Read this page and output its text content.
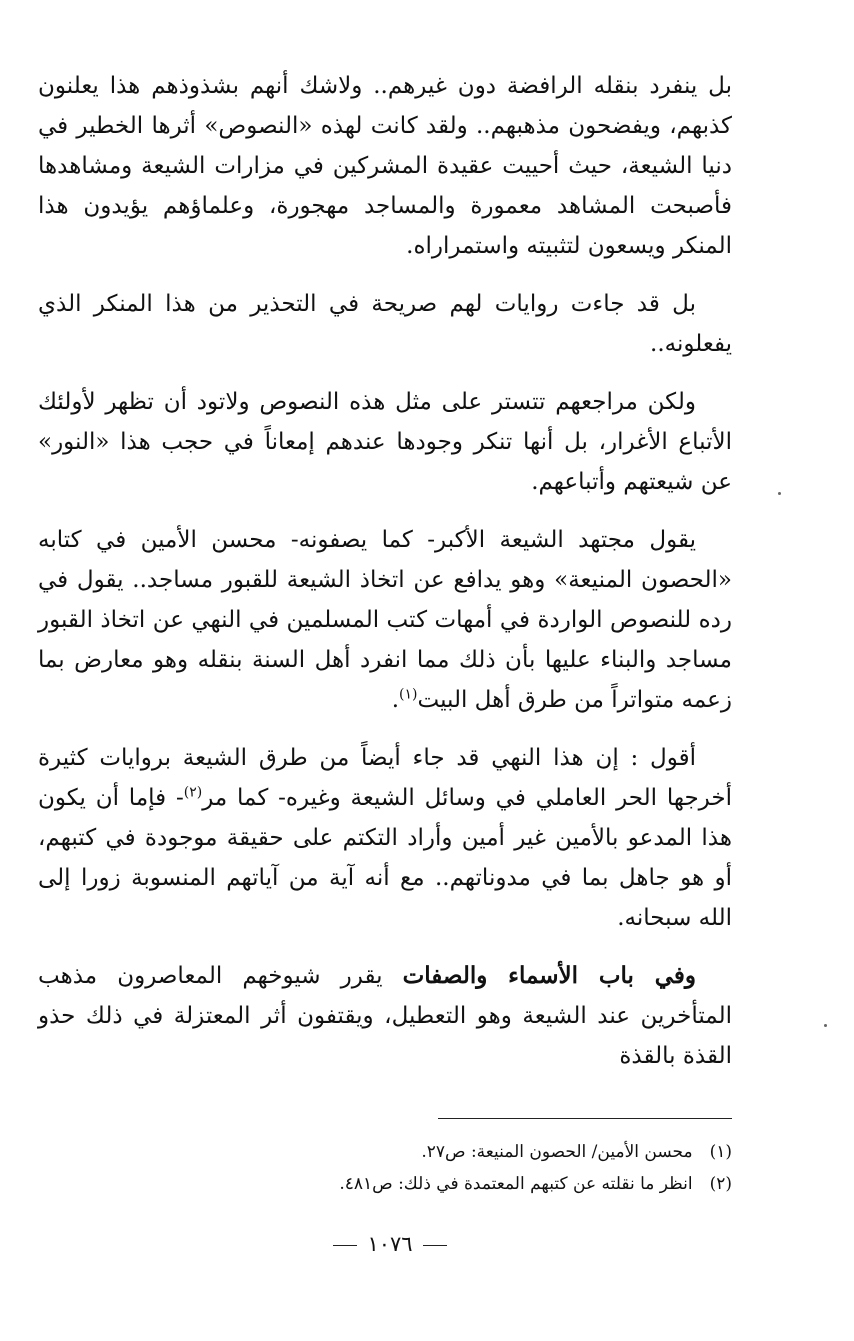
بل ينفرد بنقله الرافضة دون غيرهم.. ولاشك أنهم بشذوذهم هذا يعلنون كذبهم، ويفضحون مذهبهم.. ولقد كانت لهذه «النصوص» أثرها الخطير في دنيا الشيعة، حيث أحييت عقيدة المشركين في مزارات الشيعة ومشاهدها فأصبحت المشاهد معمورة والمساجد مهجورة، وعلماؤهم يؤيدون هذا المنكر ويسعون لتثبيته واستمراراه.

بل قد جاءت روايات لهم صريحة في التحذير من هذا المنكر الذي يفعلونه..

ولكن مراجعهم تتستر على مثل هذه النصوص ولاتود أن تظهر لأولئك الأتباع الأغرار، بل أنها تنكر وجودها عندهم إمعاناً في حجب هذا «النور» عن شيعتهم وأتباعهم.

يقول مجتهد الشيعة الأكبر- كما يصفونه- محسن الأمين في كتابه «الحصون المنيعة» وهو يدافع عن اتخاذ الشيعة للقبور مساجد.. يقول في رده للنصوص الواردة في أمهات كتب المسلمين في النهي عن اتخاذ القبور مساجد والبناء عليها بأن ذلك مما انفرد أهل السنة بنقله وهو معارض بما زعمه متواتراً من طرق أهل البيت$^{(١)}$.

أقول : إن هذا النهي قد جاء أيضاً من طرق الشيعة بروايات كثيرة أخرجها الحر العاملي في وسائل الشيعة وغيره- كما مر$^{(٢)}$- فإما أن يكون هذا المدعو بالأمين غير أمين وأراد التكتم على حقيقة موجودة في كتبهم، أو هو جاهل بما في مدوناتهم.. مع أنه آية من آياتهم المنسوبة زورا إلى الله سبحانه.

وفي باب الأسماء والصفات يقرر شيوخهم المعاصرون مذهب المتأخرين عند الشيعة وهو التعطيل، ويقتفون أثر المعتزلة في ذلك حذو القذة بالقذة

(١) محسن الأمين/ الحصون المنيعة: ص٢٧.
(٢) انظر ما نقلته عن كتبهم المعتمدة في ذلك: ص٤٨١.
١٠٧٦
